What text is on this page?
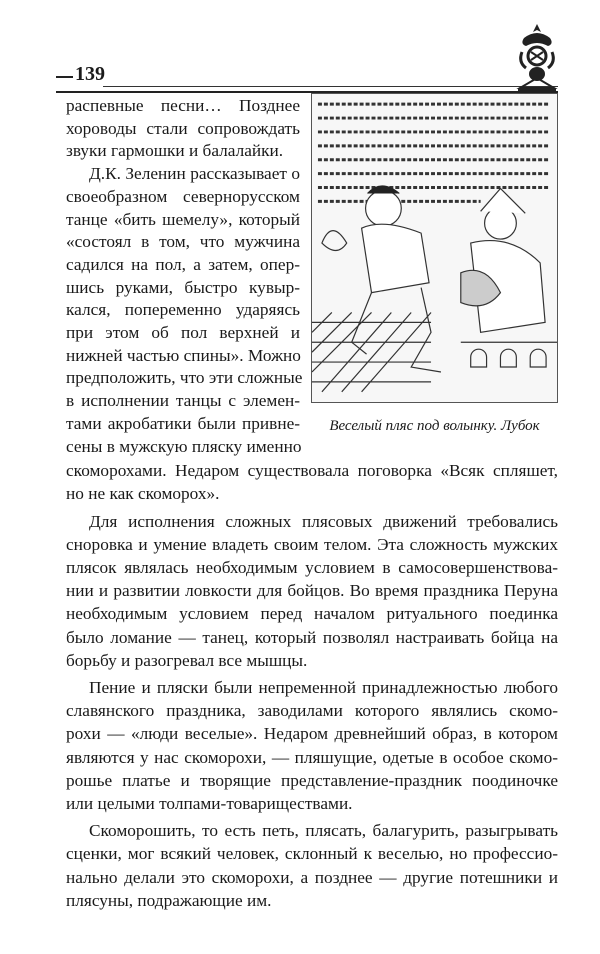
139
Веселый пляс под волынку. Лубок
распевные песни… Позднее
хороводы стали сопровождать
звуки гармошки и балалайки.
Д.К. Зеленин рассказывает о
своеобразном севернорусском
танце «бить шемелу», который
«состоял в том, что мужчина
садился на пол, а затем, опер-
шись руками, быстро кувыр-
кался, попеременно ударяясь
при этом об пол верхней и
нижней частью спины». Можно
предположить, что эти сложные
в исполнении танцы с элемен-
тами акробатики были привне-
сены в мужскую пляску именно
скоморохами. Недаром существовала поговорка «Всяк спляшет,
но не как скоморох».
Для исполнения сложных плясовых движений требовались
сноровка и умение владеть своим телом. Эта сложность мужских
плясок являлась необходимым условием в самосовершенствова-
нии и развитии ловкости для бойцов. Во время праздника Перуна
необходимым условием перед началом ритуального поединка
было ломание — танец, который позволял настраивать бойца на
борьбу и разогревал все мышцы.
Пение и пляски были непременной принадлежностью любого
славянского праздника, заводилами которого являлись скомо-
рохи — «люди веселые». Недаром древнейший образ, в котором
являются у нас скоморохи, — пляшущие, одетые в особое скомо-
рошье платье и творящие представление-праздник поодиночке
или целыми толпами-товариществами.
Скоморошить, то есть петь, плясать, балагурить, разыгрывать
сценки, мог всякий человек, склонный к веселью, но профессио-
нально делали это скоморохи, а позднее — другие потешники и
плясуны, подражающие им.
